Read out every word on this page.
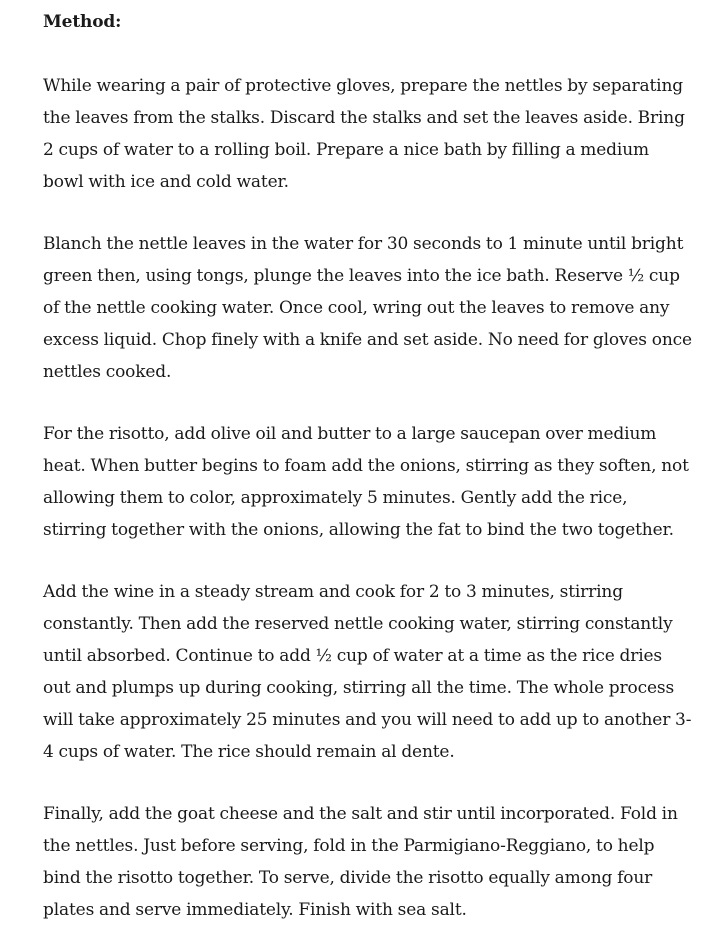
Method:

While wearing a pair of protective gloves, prepare the nettles by separating the leaves from the stalks. Discard the stalks and set the leaves aside. Bring 2 cups of water to a rolling boil. Prepare a nice bath by filling a medium bowl with ice and cold water.

Blanch the nettle leaves in the water for 30 seconds to 1 minute until bright green then, using tongs, plunge the leaves into the ice bath. Reserve ½ cup of the nettle cooking water. Once cool, wring out the leaves to remove any excess liquid. Chop finely with a knife and set aside. No need for gloves once nettles cooked.

For the risotto, add olive oil and butter to a large saucepan over medium heat. When butter begins to foam add the onions, stirring as they soften, not allowing them to color, approximately 5 minutes. Gently add the rice, stirring together with the onions, allowing the fat to bind the two together.

Add the wine in a steady stream and cook for 2 to 3 minutes, stirring constantly. Then add the reserved nettle cooking water, stirring constantly until absorbed. Continue to add ½ cup of water at a time as the rice dries out and plumps up during cooking, stirring all the time. The whole process will take approximately 25 minutes and you will need to add up to another 3-4 cups of water. The rice should remain al dente.

Finally, add the goat cheese and the salt and stir until incorporated. Fold in the nettles. Just before serving, fold in the Parmigiano-Reggiano, to help bind the risotto together. To serve, divide the risotto equally among four plates and serve immediately. Finish with sea salt.
